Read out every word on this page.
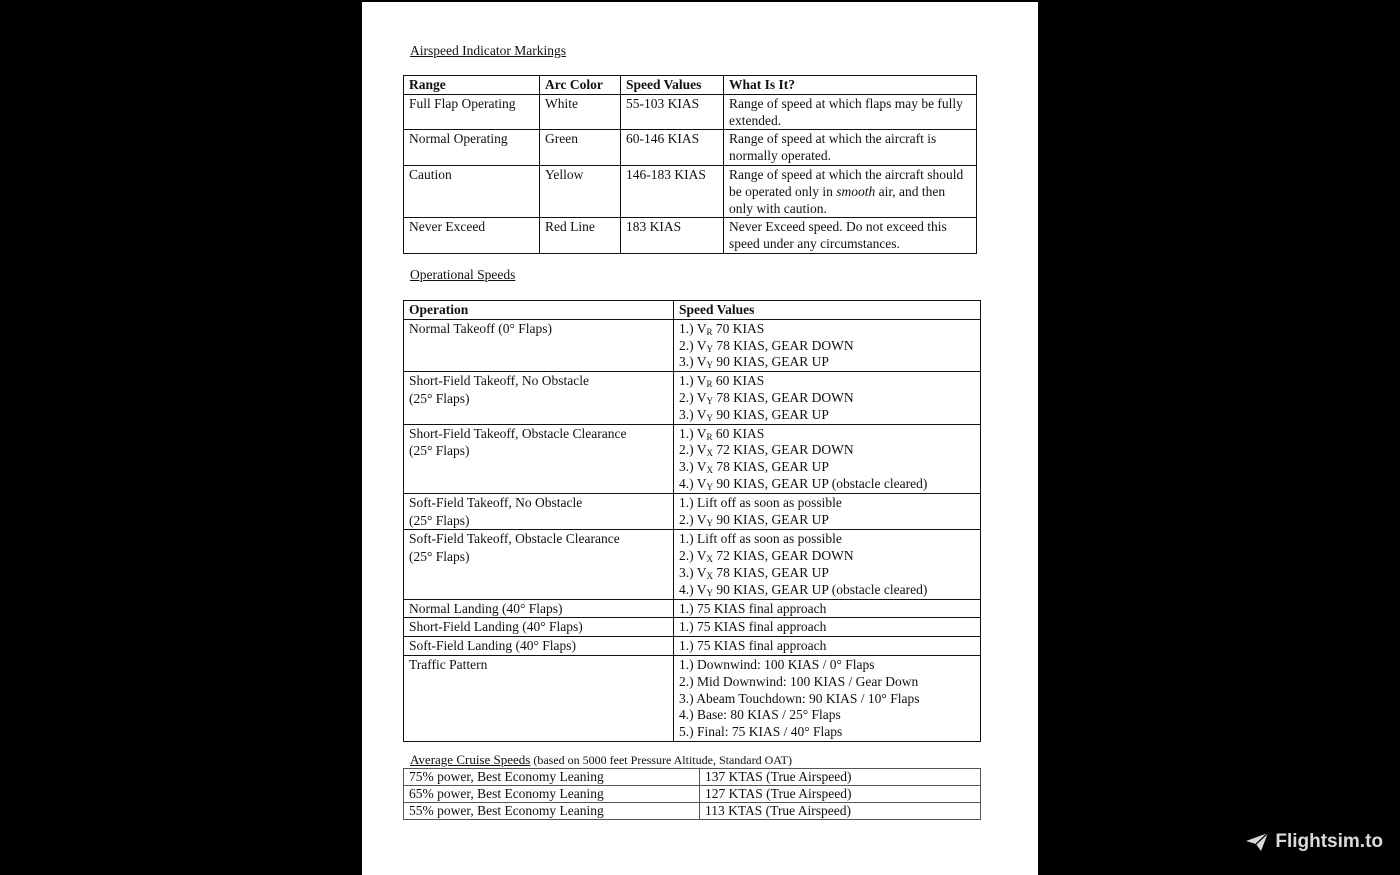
Airspeed Indicator Markings
Range	Arc Color	Speed Values	What Is It?
Full Flap Operating	White	55-103 KIAS	Range of speed at which flaps may be fully extended.
Normal Operating	Green	60-146 KIAS	Range of speed at which the aircraft is normally operated.
Caution	Yellow	146-183 KIAS	Range of speed at which the aircraft should be operated only in smooth air, and then only with caution.
Never Exceed	Red Line	183 KIAS	Never Exceed speed. Do not exceed this speed under any circumstances.
Operational Speeds
Operation	Speed Values

Normal Takeoff (0° Flaps)	1.) $V_R$ 70 KIAS
2.) $V_Y$ 78 KIAS, GEAR DOWN
3.) $V_Y$ 90 KIAS, GEAR UP

Short-Field Takeoff, No Obstacle
(25° Flaps)	1.) $V_R$ 60 KIAS
2.) $V_Y$ 78 KIAS, GEAR DOWN
3.) $V_Y$ 90 KIAS, GEAR UP

Short-Field Takeoff, Obstacle Clearance
(25° Flaps)	1.) $V_R$ 60 KIAS
2.) $V_X$ 72 KIAS, GEAR DOWN
3.) $V_X$ 78 KIAS, GEAR UP
4.) $V_Y$ 90 KIAS, GEAR UP (obstacle cleared)

Soft-Field Takeoff, No Obstacle
(25° Flaps)	1.) Lift off as soon as possible
2.) $V_Y$ 90 KIAS, GEAR UP

Soft-Field Takeoff, Obstacle Clearance
(25° Flaps)	1.) Lift off as soon as possible
2.) $V_X$ 72 KIAS, GEAR DOWN
3.) $V_X$ 78 KIAS, GEAR UP
4.) $V_Y$ 90 KIAS, GEAR UP (obstacle cleared)

Normal Landing (40° Flaps)	1.) 75 KIAS final approach

Short-Field Landing (40° Flaps)	1.) 75 KIAS final approach

Soft-Field Landing (40° Flaps)	1.) 75 KIAS final approach

Traffic Pattern	1.) Downwind: 100 KIAS / 0° Flaps
2.) Mid Downwind: 100 KIAS / Gear Down
3.) Abeam Touchdown: 90 KIAS / 10° Flaps
4.) Base: 80 KIAS / 25° Flaps
5.) Final: 75 KIAS / 40° Flaps
Average Cruise Speeds (based on 5000 feet Pressure Altitude, Standard OAT)
75% power, Best Economy Leaning	137 KTAS (True Airspeed)
65% power, Best Economy Leaning	127 KTAS (True Airspeed)
55% power, Best Economy Leaning	113 KTAS (True Airspeed)
Flightsim.to
